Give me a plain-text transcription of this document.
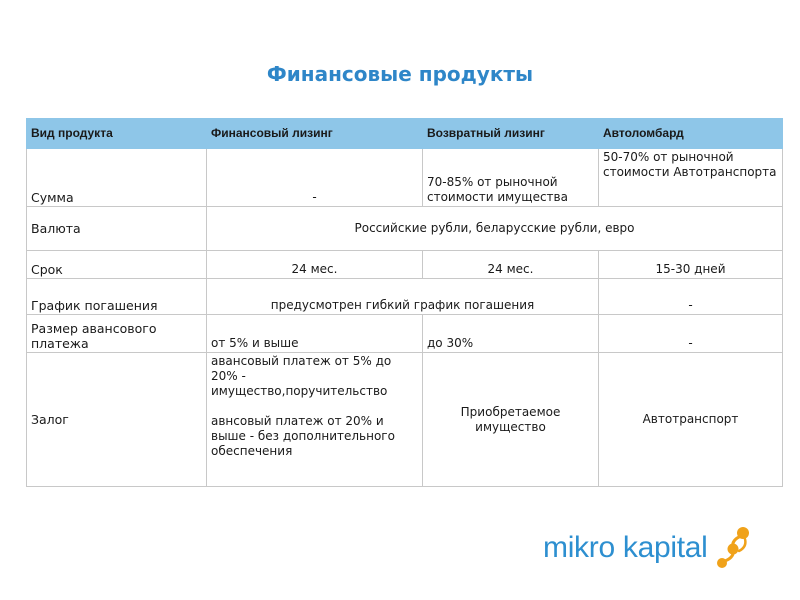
Финансовые продукты
Вид продукта	Финансовый лизинг	Возвратный лизинг	Автоломбард
Сумма	-	70-85% от рыночной стоимости имущества	50-70% от рыночной стоимости Автотранспорта
Валюта	Российские рубли, беларусские рубли, евро		
Срок	24 мес.	24 мес.	15-30 дней
График погашения	предусмотрен гибкий график погашения		-
Размер авансового платежа	от 5% и выше	до 30%	-
Залог	авансовый платеж от 5% до 20% - имущество,поручительство
авнсовый платеж от 20% и выше - без дополнительного обеспечения	Приобретаемое имущество	Автотранспорт
mikro kapital
